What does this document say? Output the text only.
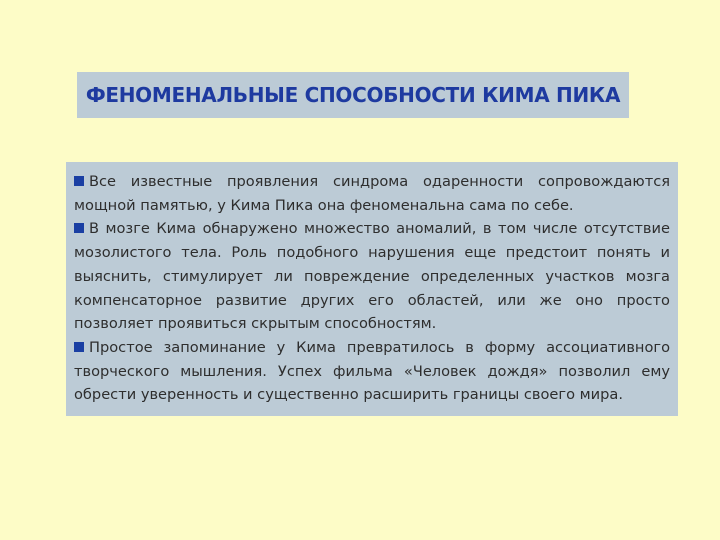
ФЕНОМЕНАЛЬНЫЕ СПОСОБНОСТИ КИМА ПИКА

Все известные проявления синдрома одаренности сопровождаются мощной памятью, у Кима Пика она феноменальна сама по себе.

В мозге Кима обнаружено множество аномалий, в том числе отсутствие мозолистого тела. Роль подобного нарушения еще предстоит понять и выяснить, стимулирует ли повреждение определенных участков мозга компенсаторное развитие других его областей, или же оно просто позволяет проявиться скрытым способностям.

Простое запоминание у Кима превратилось в форму ассоциативного творческого мышления. Успех фильма «Человек дождя» позволил ему обрести уверенность и существенно расширить границы своего мира.
